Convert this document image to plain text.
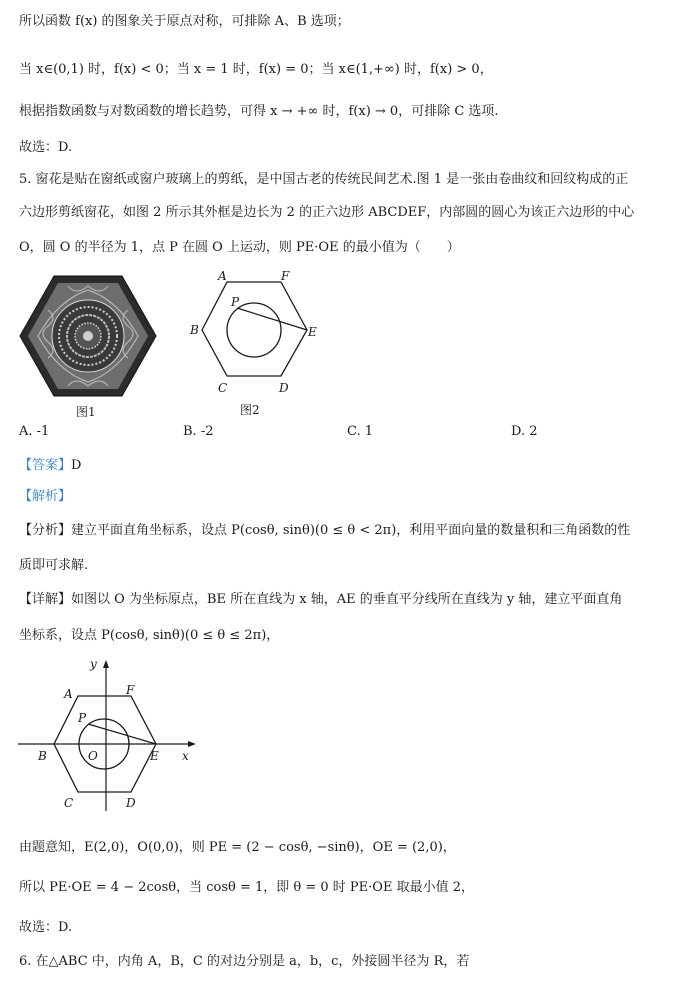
所以函数 f(x) 的图象关于原点对称，可排除 A、B 选项；
当 x∈(0,1) 时，f(x) < 0；当 x = 1 时，f(x) = 0；当 x∈(1,+∞) 时，f(x) > 0，
根据指数函数与对数函数的增长趋势，可得 x → +∞ 时，f(x) → 0，可排除 C 选项.
故选：D.
5. 窗花是贴在窗纸或窗户玻璃上的剪纸，是中国古老的传统民间艺术.图 1 是一张由卷曲纹和回纹构成的正
六边形剪纸窗花，如图 2 所示其外框是边长为 2 的正六边形 ABCDEF，内部圆的圆心为该正六边形的中心
O，圆 O 的半径为 1，点 P 在圆 O 上运动，则 PE·OE 的最小值为（　　）
图1
A	F
P
B	E
C	D
图2
A. -1	B. -2	C. 1	D. 2
【答案】D
【解析】
【分析】建立平面直角坐标系，设点 P(cosθ, sinθ)(0 ≤ θ < 2π)，利用平面向量的数量积和三角函数的性
质即可求解.
【详解】如图以 O 为坐标原点，BE 所在直线为 x 轴，AE 的垂直平分线所在直线为 y 轴，建立平面直角
坐标系，设点 P(cosθ, sinθ)(0 ≤ θ ≤ 2π)，
y
x
A	F
P
B	O	E
C	D
由题意知，E(2,0)，O(0,0)，则 PE = (2 − cosθ, −sinθ)，OE = (2,0)，
所以 PE·OE = 4 − 2cosθ，当 cosθ = 1，即 θ = 0 时 PE·OE 取最小值 2，
故选：D.
6. 在△ABC 中，内角 A，B，C 的对边分别是 a，b，c，外接圆半径为 R，若
